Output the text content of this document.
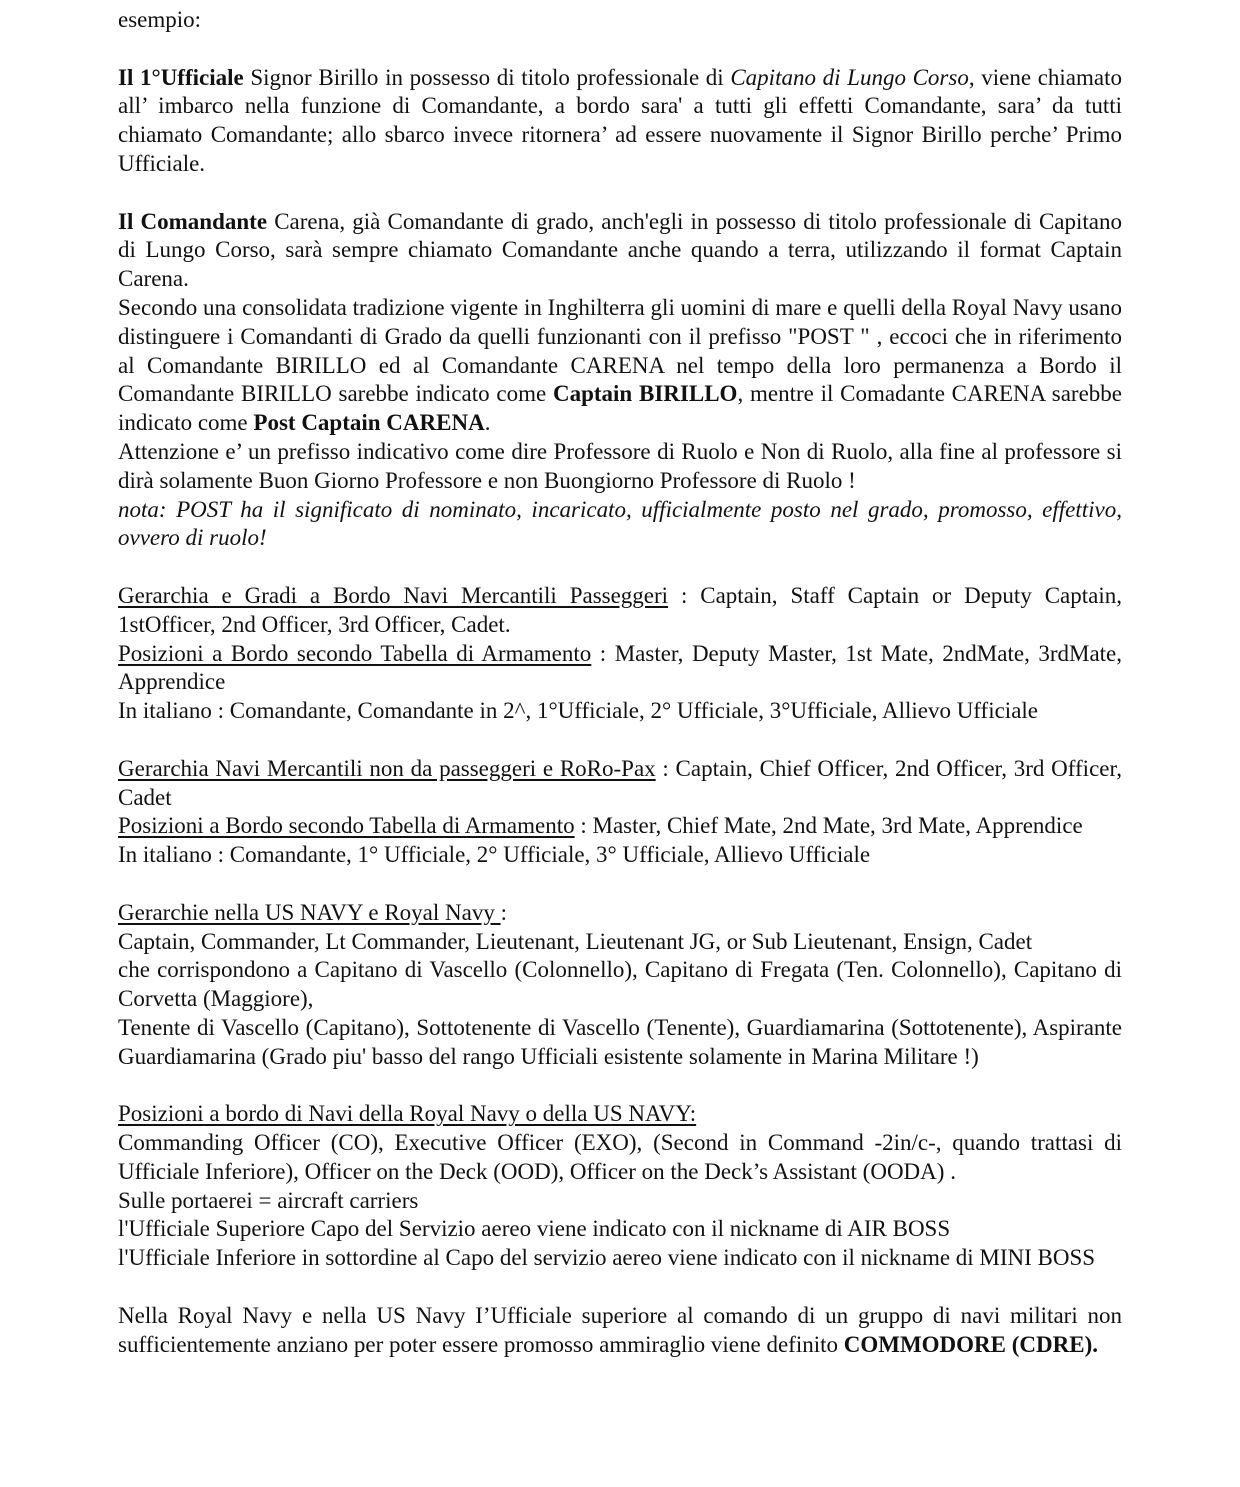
esempio:

Il 1°Ufficiale Signor Birillo in possesso di titolo professionale di Capitano di Lungo Corso, viene chiamato all’ imbarco nella funzione di Comandante, a bordo sara' a tutti gli effetti Comandante, sara’ da tutti chiamato Comandante; allo sbarco invece ritornera’ ad essere nuovamente il Signor Birillo perche’ Primo Ufficiale.

Il Comandante Carena, già Comandante di grado, anch'egli in possesso di titolo professionale di Capitano di Lungo Corso, sarà sempre chiamato Comandante anche quando a terra, utilizzando il format Captain Carena.

Secondo una consolidata tradizione vigente in Inghilterra gli uomini di mare e quelli della Royal Navy usano distinguere i Comandanti di Grado da quelli funzionanti con il prefisso "POST " , eccoci che in riferimento al Comandante BIRILLO ed al Comandante CARENA nel tempo della loro permanenza a Bordo il Comandante BIRILLO sarebbe indicato come Captain BIRILLO, mentre il Comadante CARENA sarebbe indicato come Post Captain CARENA.

Attenzione e’ un prefisso indicativo come dire Professore di Ruolo e Non di Ruolo, alla fine al professore si dirà solamente Buon Giorno Professore e non Buongiorno Professore di Ruolo !

nota: POST ha il significato di nominato, incaricato, ufficialmente posto nel grado, promosso, effettivo, ovvero di ruolo!

Gerarchia e Gradi a Bordo Navi Mercantili Passeggeri : Captain, Staff Captain or Deputy Captain, 1stOfficer, 2nd Officer, 3rd Officer, Cadet.

Posizioni a Bordo secondo Tabella di Armamento : Master, Deputy Master, 1st Mate, 2ndMate, 3rdMate, Apprendice

In italiano : Comandante, Comandante in 2^, 1°Ufficiale, 2° Ufficiale, 3°Ufficiale, Allievo Ufficiale

Gerarchia Navi Mercantili non da passeggeri e RoRo-Pax : Captain, Chief Officer, 2nd Officer, 3rd Officer, Cadet

Posizioni a Bordo secondo Tabella di Armamento : Master, Chief Mate, 2nd Mate, 3rd Mate, Apprendice

In italiano : Comandante, 1° Ufficiale, 2° Ufficiale, 3° Ufficiale, Allievo Ufficiale

Gerarchie nella US NAVY e Royal Navy :

Captain, Commander, Lt Commander, Lieutenant, Lieutenant JG, or Sub Lieutenant, Ensign, Cadet

che corrispondono a Capitano di Vascello (Colonnello), Capitano di Fregata (Ten. Colonnello), Capitano di Corvetta (Maggiore),

Tenente di Vascello (Capitano), Sottotenente di Vascello (Tenente), Guardiamarina (Sottotenente), Aspirante Guardiamarina (Grado piu' basso del rango Ufficiali esistente solamente in Marina Militare !)

Posizioni a bordo di Navi della Royal Navy o della US NAVY:

Commanding Officer (CO), Executive Officer (EXO), (Second in Command -2in/c-, quando trattasi di Ufficiale Inferiore), Officer on the Deck (OOD), Officer on the Deck’s Assistant (OODA) .

Sulle portaerei = aircraft carriers

l'Ufficiale Superiore Capo del Servizio aereo viene indicato con il nickname di AIR BOSS

l'Ufficiale Inferiore in sottordine al Capo del servizio aereo viene indicato con il nickname di MINI BOSS

Nella Royal Navy e nella US Navy I’Ufficiale superiore al comando di un gruppo di navi militari non sufficientemente anziano per poter essere promosso ammiraglio viene definito COMMODORE (CDRE).
